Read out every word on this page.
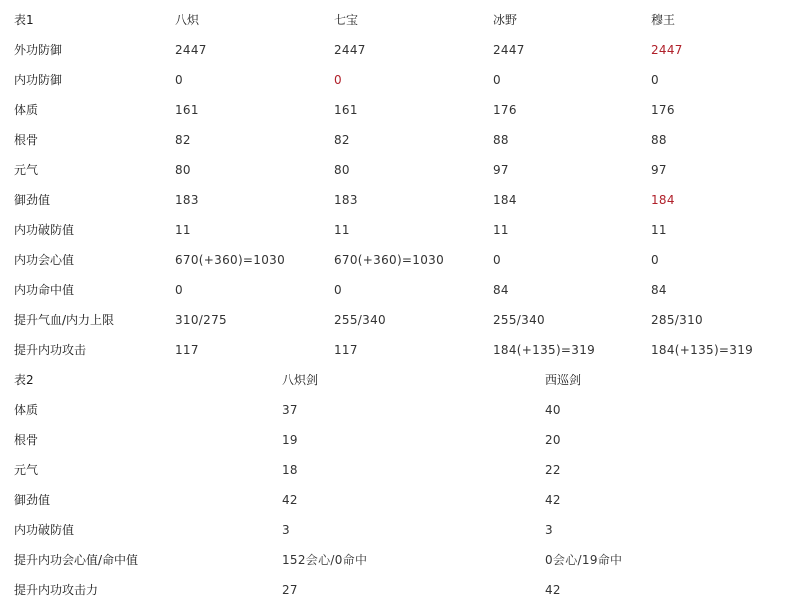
表1	八炽	七宝	冰野	穆王
外功防御	2447	2447	2447	2447
内功防御	0	0	0	0
体质	161	161	176	176
根骨	82	82	88	88
元气	80	80	97	97
御劲值	183	183	184	184
内功破防值	11	11	11	11
内功会心值	670(+360)=1030	670(+360)=1030	0	0
内功命中值	0	0	84	84
提升气血/内力上限	310/275	255/340	255/340	285/310
提升内功攻击	117	117	184(+135)=319	184(+135)=319
表2	八炽剑	西巡剑
体质	37	40
根骨	19	20
元气	18	22
御劲值	42	42
内功破防值	3	3
提升内功会心值/命中值	152会心/0命中	0会心/19命中
提升内功攻击力	27	42
